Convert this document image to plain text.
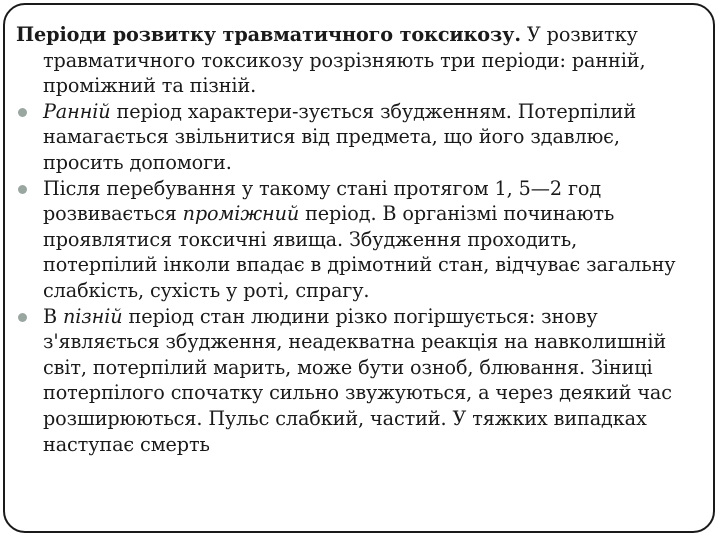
Періоди розвитку травматичного токсикозу. У розвитку травматичного токсикозу розрізняють три періоди: ранній, проміжний та пізній.

Ранній період характери-зується збудженням. Потерпілий намагається звільнитися від предмета, що його здавлює, просить допомоги.
Після перебування у такому стані протягом 1, 5—2 год розвивається проміжний період. В організмі починають проявлятися токсичні явища. Збудження проходить, потерпілий інколи впадає в дрімотний стан, відчуває загальну слабкість, сухість у роті, спрагу.
В пізній період стан людини різко погіршується: знову з'являється збудження, неадекватна реакція на навколишній світ, потерпілий марить, може бути озноб, блювання. Зіниці потерпілого спочатку сильно звужуються, а через деякий час розширюються. Пульс слабкий, частий. У тяжких випадках наступає смерть
